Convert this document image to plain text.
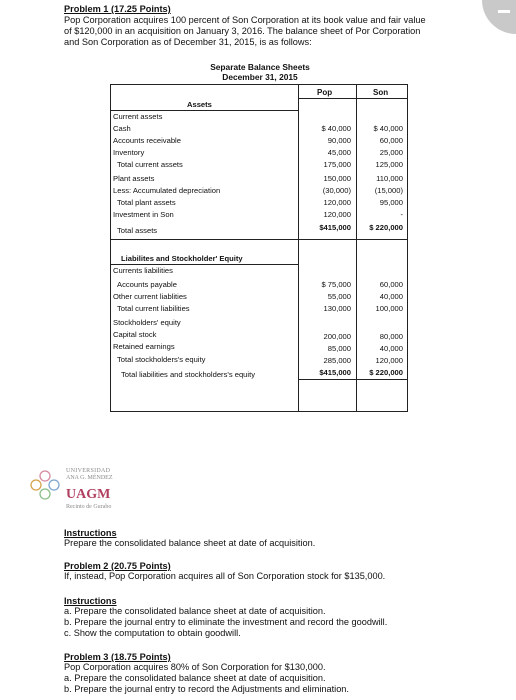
Problem 1 (17.25 Points)
Pop Corporation acquires 100 percent of Son Corporation at its book value and fair value
of $120,000 in an acquisition on January 3, 2016. The balance sheet of Por Corporation
and Son Corporation as of December 31, 2015, is as follows:
Separate Balance Sheets
December 31, 2015
Pop	Son
Assets
Current assets
Cash	$ 40,000	$ 40,000
Accounts receivable	90,000	60,000
Inventory	45,000	25,000
Total current assets	175,000	125,000
Plant assets	150,000	110,000
Less: Accumulated depreciation	(30,000)	(15,000)
Total plant assets	120,000	95,000
Investment in Son	120,000	-
Total assets	$415,000	$ 220,000
Liabilites and Stockholder' Equity
Currents liabilities
Accounts payable	$ 75,000	60,000
Other current liablities	55,000	40,000
Total current liabilities	130,000	100,000
Stockholders' equity
Capital stock	200,000	80,000
Retained earnings	85,000	40,000
Total stockholders's equity	285,000	120,000
Total liabilities and stockholders's equity	$415,000	$ 220,000
UNIVERSIDAD
ANA G. MÉNDEZ
UAGM
Recinto de Gurabo
Instructions
Prepare the consolidated balance sheet at date of acquisition.
Problem 2 (20.75 Points)
If, instead, Pop Corporation acquires all of Son Corporation stock for $135,000.
Instructions
a. Prepare the consolidated balance sheet at date of acquisition.
b. Prepare the journal entry to eliminate the investment and record the goodwill.
c. Show the computation to obtain goodwill.
Problem 3 (18.75 Points)
Pop Corporation acquires 80% of Son Corporation for $130,000.
a. Prepare the consolidated balance sheet at date of acquisition.
b. Prepare the journal entry to record the Adjustments and elimination.
